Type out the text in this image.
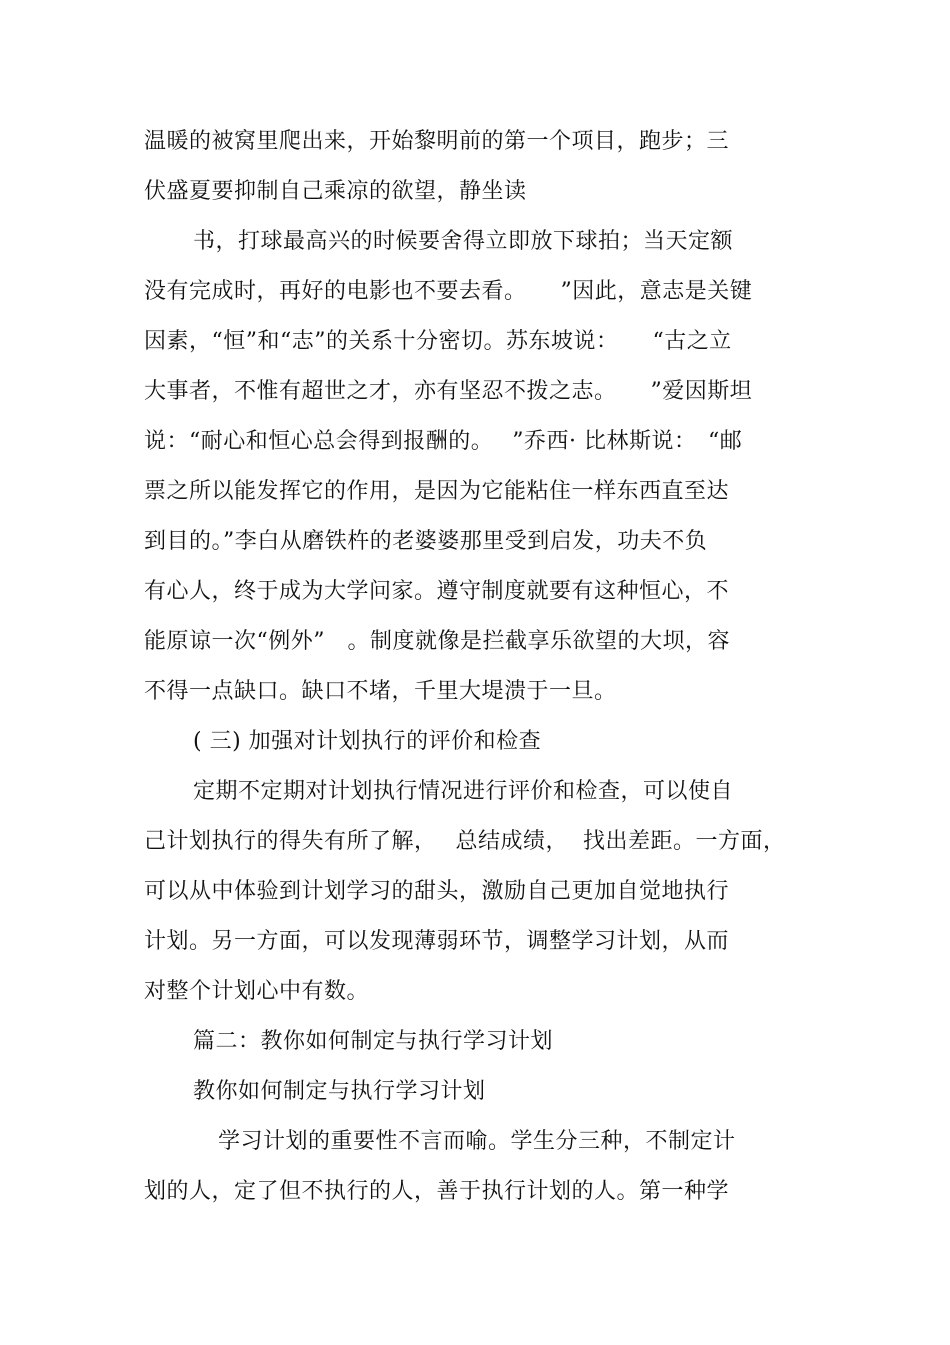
温暖的被窝里爬出来，开始黎明前的第一个项目，跑步；三
伏盛夏要抑制自己乘凉的欲望，静坐读
书，打球最高兴的时候要舍得立即放下球拍；当天定额
没有完成时，再好的电影也不要去看。　　”因此，意志是关键
因素，“恒”和“志”的关系十分密切。苏东坡说：　　“古之立
大事者，不惟有超世之才，亦有坚忍不拨之志。　　”爱因斯坦
说：“耐心和恒心总会得到报酬的。　 ”乔西· 比林斯说：　“邮
票之所以能发挥它的作用，是因为它能粘住一样东西直至达
到目的。”李白从磨铁杵的老婆婆那里受到启发，功夫不负
有心人，终于成为大学问家。遵守制度就要有这种恒心，不
能原谅一次“例外”　。制度就像是拦截享乐欲望的大坝，容
不得一点缺口。缺口不堵，千里大堤溃于一旦。
( 三) 加强对计划执行的评价和检查
定期不定期对计划执行情况进行评价和检查，可以使自
己计划执行的得失有所了解，　 总结成绩，  找出差距。一方面，
可以从中体验到计划学习的甜头，激励自己更加自觉地执行
计划。另一方面，可以发现薄弱环节，调整学习计划，从而
对整个计划心中有数。
篇二：教你如何制定与执行学习计划
教你如何制定与执行学习计划
学习计划的重要性不言而喻。学生分三种，不制定计
划的人，定了但不执行的人，善于执行计划的人。第一种学
